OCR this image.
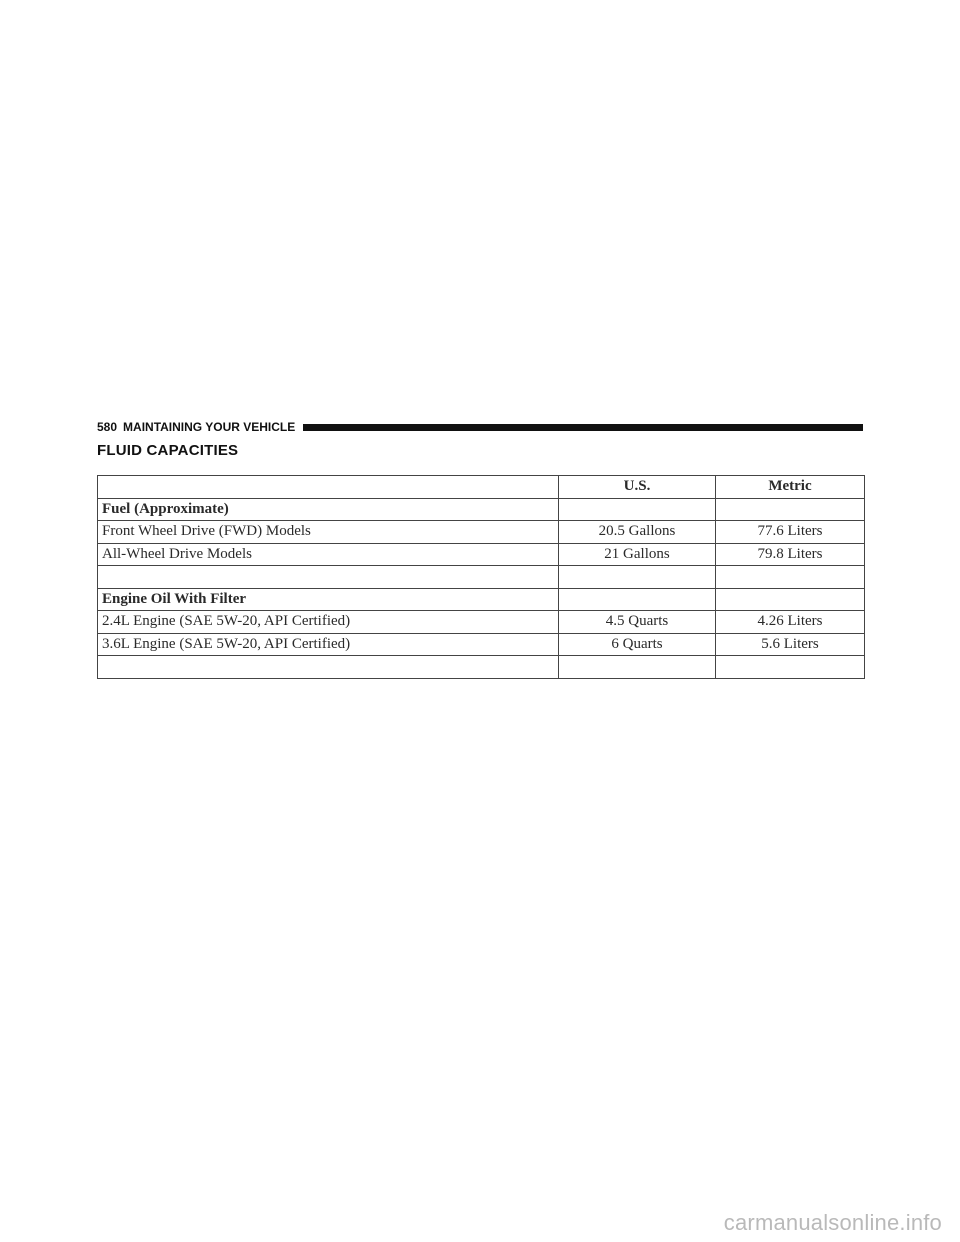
580 MAINTAINING YOUR VEHICLE
FLUID CAPACITIES
	U.S.	Metric
Fuel (Approximate)		
Front Wheel Drive (FWD) Models	20.5 Gallons	77.6 Liters
All-Wheel Drive Models	21 Gallons	79.8 Liters

Engine Oil With Filter		
2.4L Engine (SAE 5W-20, API Certified)	4.5 Quarts	4.26 Liters
3.6L Engine (SAE 5W-20, API Certified)	6 Quarts	5.6 Liters

carmanualsonline.info
